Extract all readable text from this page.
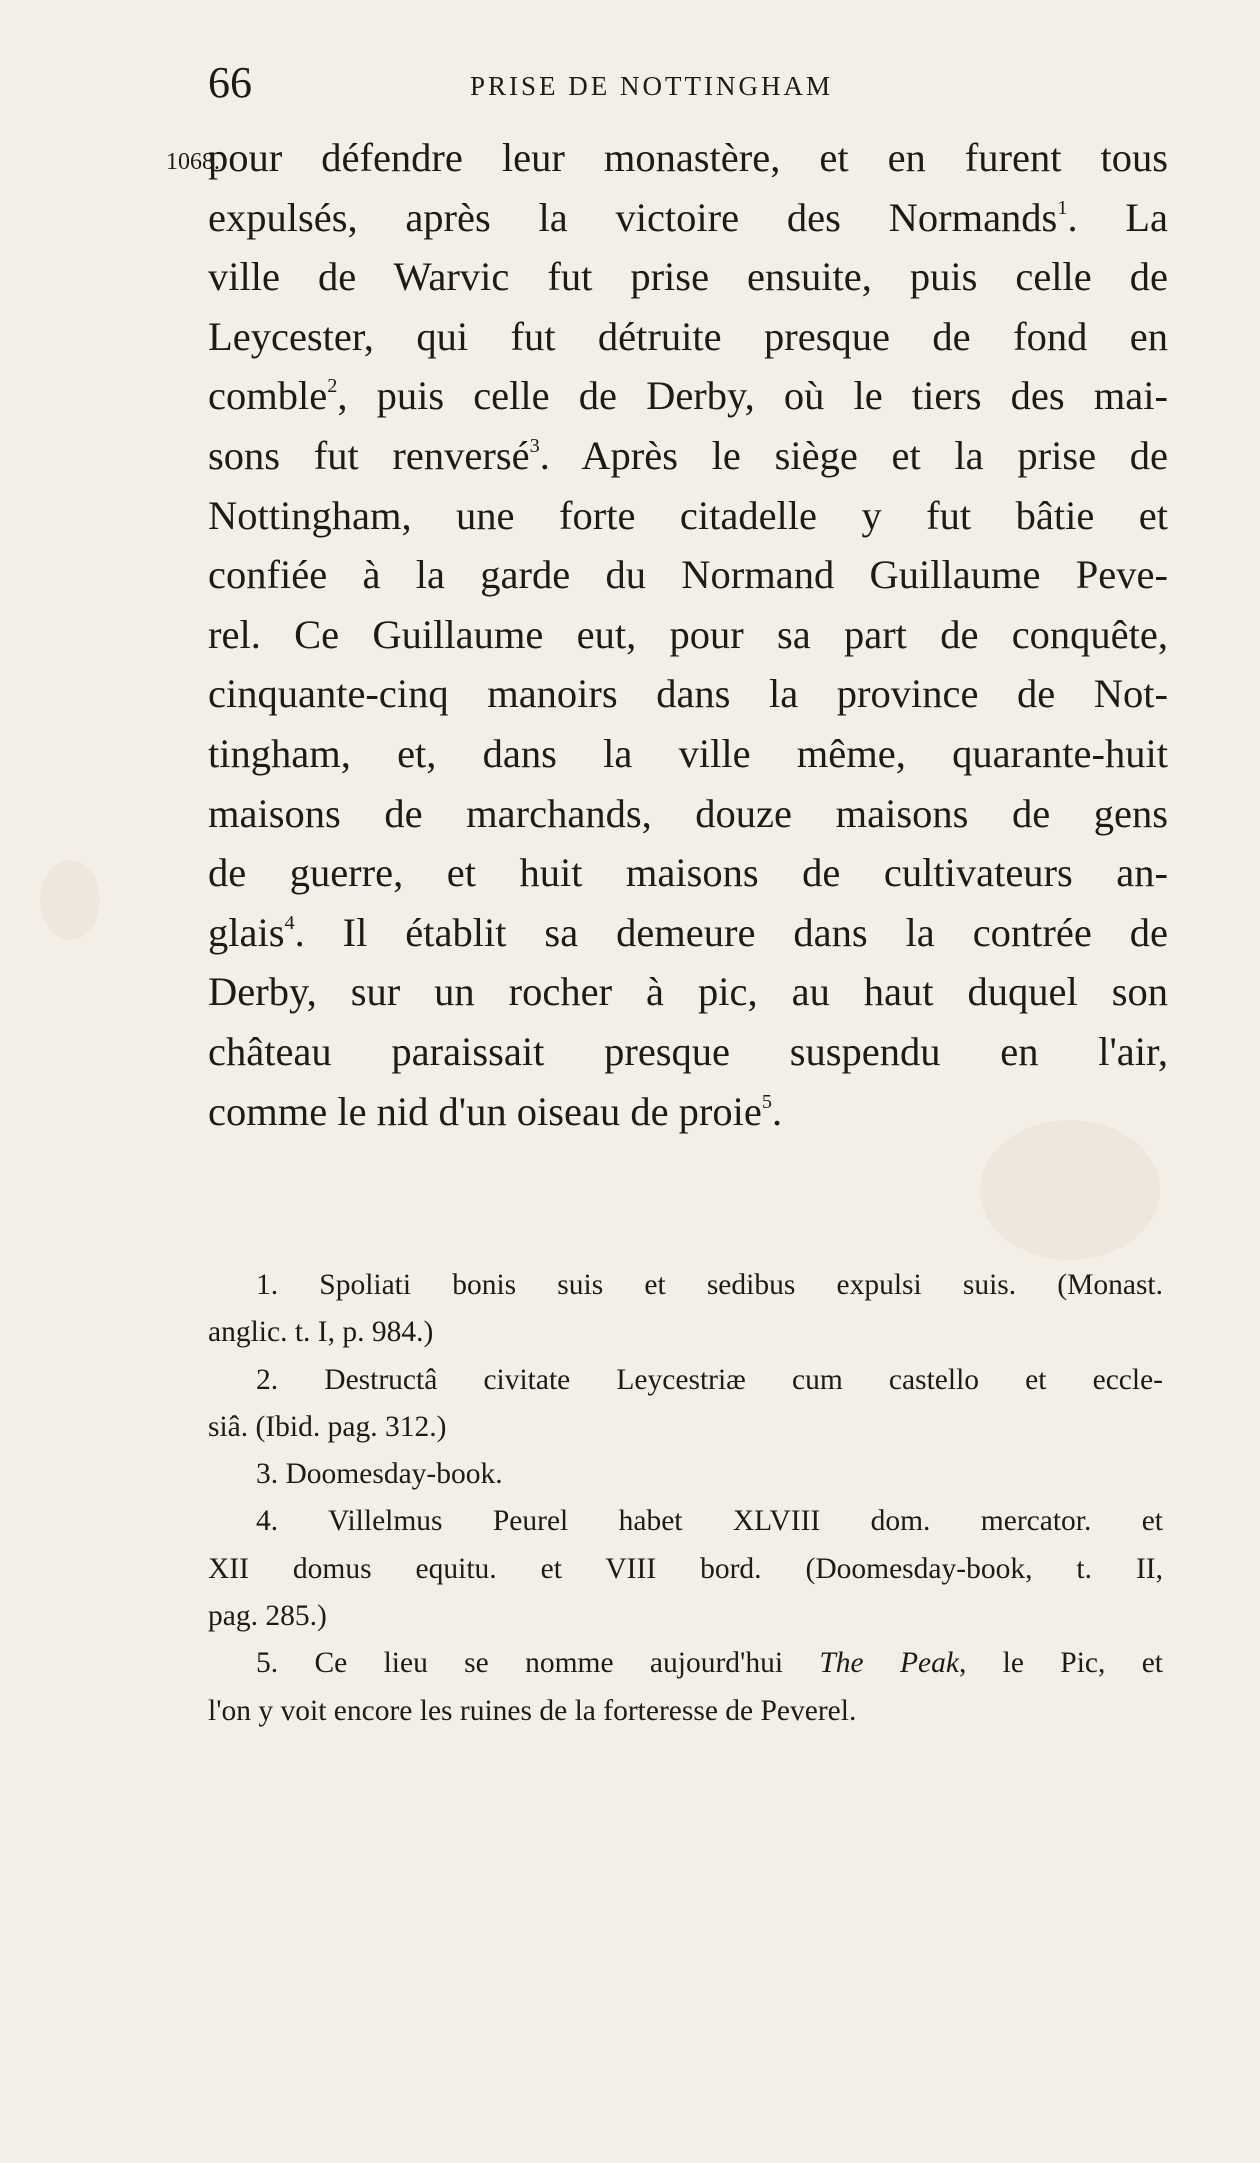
66	PRISE DE NOTTINGHAM
1068.
pour défendre leur monastère, et en furent tous
expulsés, après la victoire des Normands$^1$. La
ville de Warvic fut prise ensuite, puis celle de
Leycester, qui fut détruite presque de fond en
comble$^2$, puis celle de Derby, où le tiers des mai-
sons fut renversé$^3$. Après le siège et la prise de
Nottingham, une forte citadelle y fut bâtie et
confiée à la garde du Normand Guillaume Peve-
rel. Ce Guillaume eut, pour sa part de conquête,
cinquante-cinq manoirs dans la province de Not-
tingham, et, dans la ville même, quarante-huit
maisons de marchands, douze maisons de gens
de guerre, et huit maisons de cultivateurs an-
glais$^4$. Il établit sa demeure dans la contrée de
Derby, sur un rocher à pic, au haut duquel son
château paraissait presque suspendu en l'air,
comme le nid d'un oiseau de proie$^5$.
1. Spoliati bonis suis et sedibus expulsi suis. (Monast.
anglic. t. I, p. 984.)
2. Destructâ civitate Leycestriæ cum castello et eccle-
siâ. (Ibid. pag. 312.)
3. Doomesday-book.
4. Villelmus Peurel habet XLVIII dom. mercator. et
XII domus equitu. et VIII bord. (Doomesday-book, t. II,
pag. 285.)
5. Ce lieu se nomme aujourd'hui The Peak, le Pic, et
l'on y voit encore les ruines de la forteresse de Peverel.
